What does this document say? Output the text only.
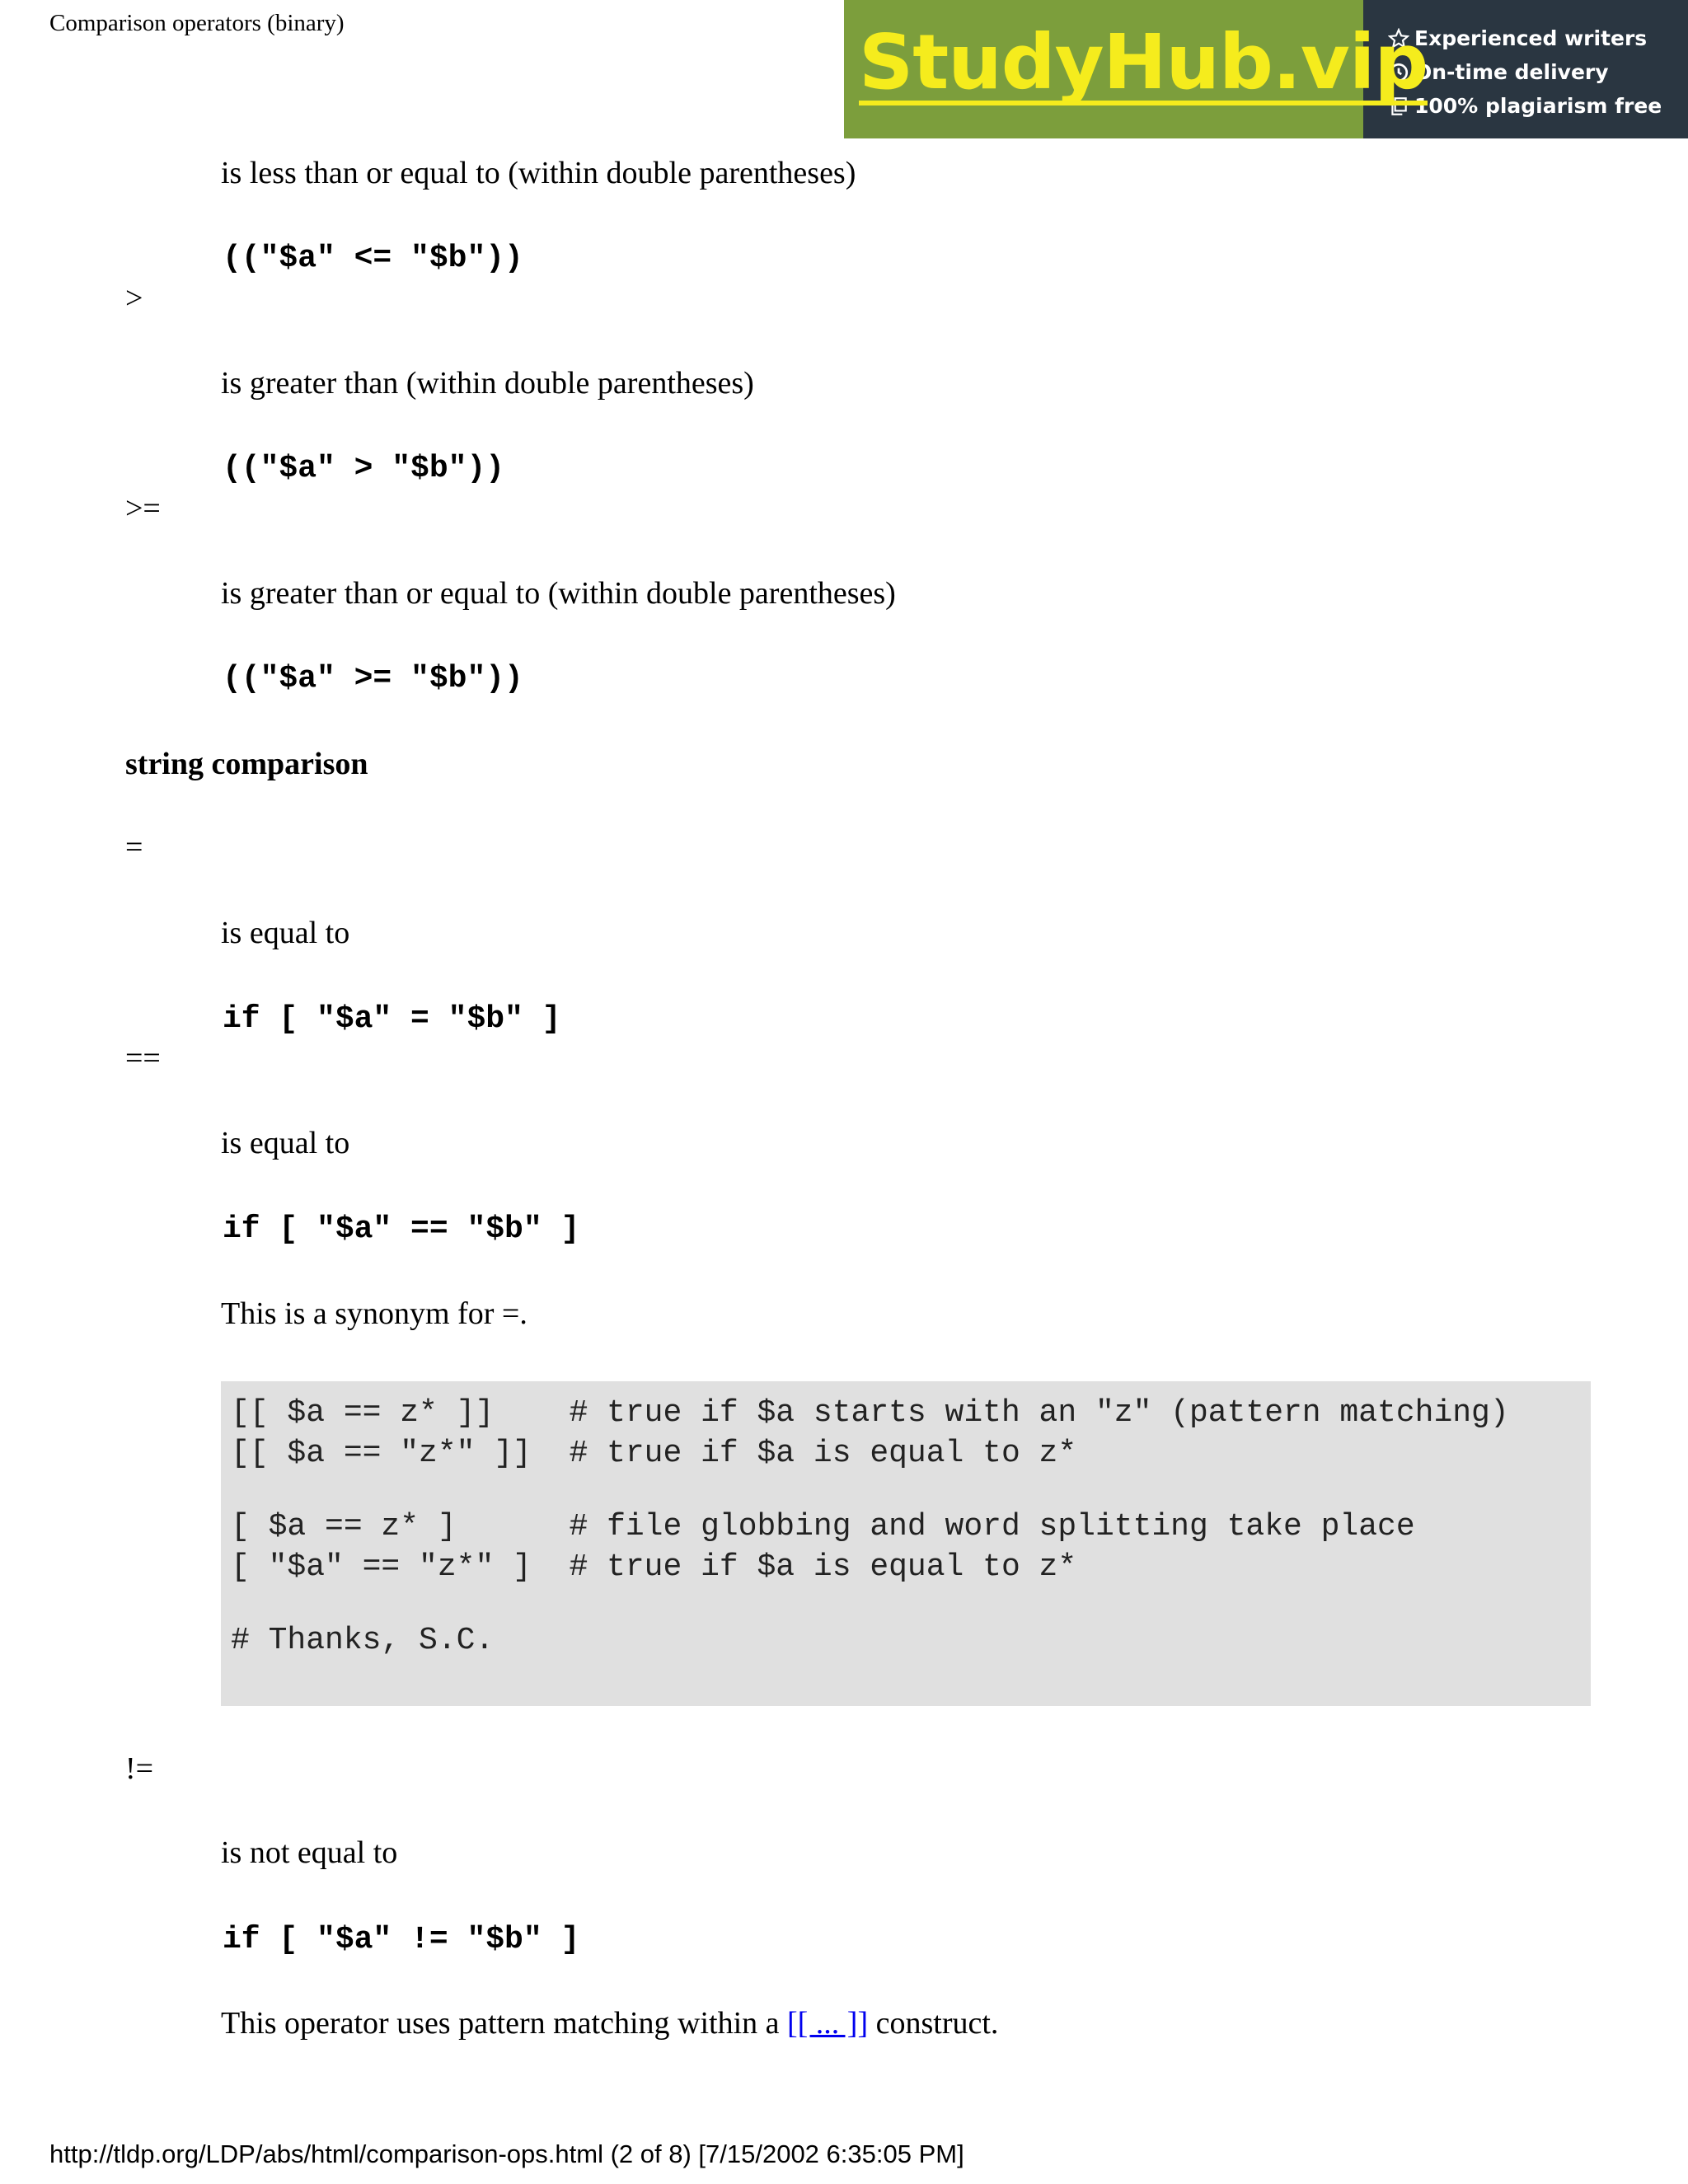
Comparison operators (binary)	StudyHub.vip
Experienced writers
On-time delivery
100% plagiarism free
is less than or equal to (within double parentheses)
(("$a" <= "$b"))
>
is greater than (within double parentheses)
(("$a" > "$b"))
>=
is greater than or equal to (within double parentheses)
(("$a" >= "$b"))
string comparison
=
is equal to
if [ "$a" = "$b" ]
==
is equal to
if [ "$a" == "$b" ]
This is a synonym for =.
[[ $a == z* ]]    # true if $a starts with an "z" (pattern matching)
[[ $a == "z*" ]]  # true if $a is equal to z*
[ $a == z* ]      # file globbing and word splitting take place
[ "$a" == "z*" ]  # true if $a is equal to z*
# Thanks, S.C.
!=
is not equal to
if [ "$a" != "$b" ]
This operator uses pattern matching within a [[ ... ]] construct.
http://tldp.org/LDP/abs/html/comparison-ops.html (2 of 8) [7/15/2002 6:35:05 PM]
